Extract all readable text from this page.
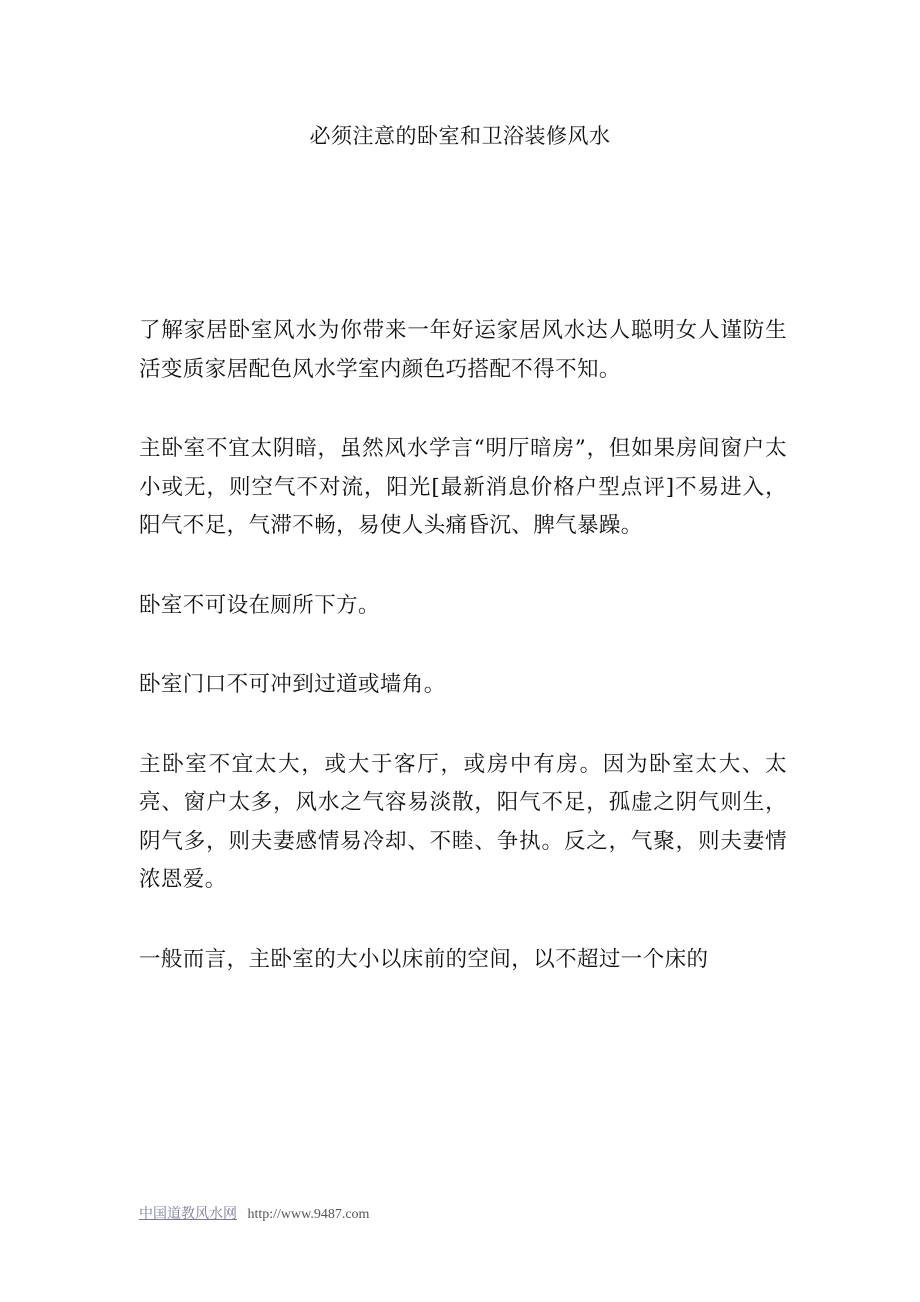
必须注意的卧室和卫浴装修风水

了解家居卧室风水为你带来一年好运家居风水达人聪明女人谨防生活变质家居配色风水学室内颜色巧搭配不得不知。

主卧室不宜太阴暗，虽然风水学言“明厅暗房”，但如果房间窗户太小或无，则空气不对流，阳光[最新消息价格户型点评]不易进入，阳气不足，气滞不畅，易使人头痛昏沉、脾气暴躁。

卧室不可设在厕所下方。

卧室门口不可冲到过道或墙角。

主卧室不宜太大，或大于客厅，或房中有房。因为卧室太大、太亮、窗户太多，风水之气容易淡散，阳气不足，孤虚之阴气则生，阴气多，则夫妻感情易冷却、不睦、争执。反之，气聚，则夫妻情浓恩爱。

一般而言，主卧室的大小以床前的空间，以不超过一个床的

中国道教风水网 http://www.9487.com
